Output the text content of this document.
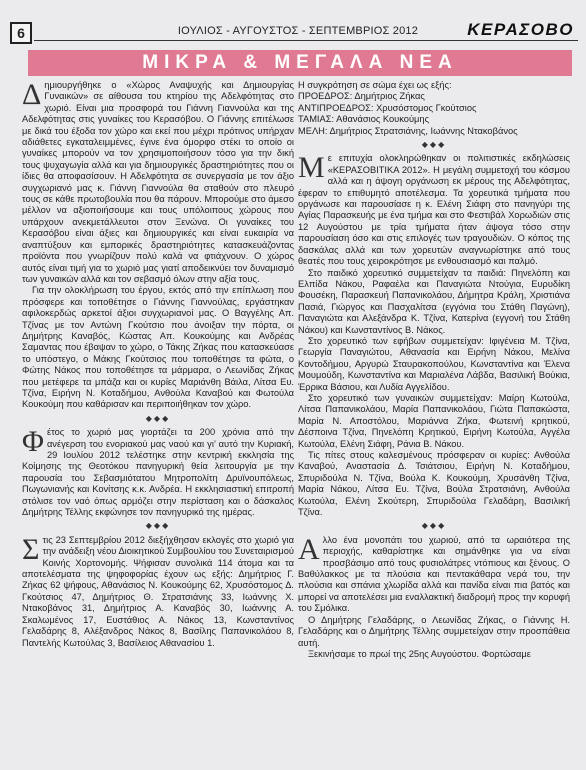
6	ΙΟΥΛΙΟΣ - ΑΥΓΟΥΣΤΟΣ - ΣΕΠΤΕΜΒΡΙΟΣ 2012	ΚΕΡΑΣΟΒΟ
ΜΙΚΡΑ & ΜΕΓΑΛΑ ΝΕΑ

Δημιουργήθηκε ο «Χώρος Αναψυχής και Δημιουργίας Γυναικών» σε αίθουσα του κτηρίου της Αδελφότητας στο χωριό. Είναι μια προσφορά του Γιάννη Γιαννούλα και της Αδελφότητας στις γυναίκες του Κερασόβου. Ο Γιάννης επιτέλωσε με δικά του έξοδα τον χώρο και εκεί που μέχρι πρότινος υπήρχαν αδιάθετες εγκαταλειμμένες, έγινε ένα όμορφο στέκι το οποίο οι γυναίκες μπορούν να τον χρησιμοποιήσουν τόσο για την δική τους ψυχαγωγία αλλά και για δημιουργικές δραστηριότητες που οι ίδιες θα αποφασίσουν. Η Αδελφότητα σε συνεργασία με τον άξιο συγχωριανό μας κ. Γιάννη Γιαννούλα θα σταθούν στο πλευρό τους σε κάθε πρωτοβουλία που θα πάρουν. Μπορούμε στο άμεσο μέλλον να αξιοποιήσουμε και τους υπόλοιπους χώρους που υπάρχουν ανεκμετάλλευτοι στον Ξενώνα. Οι γυναίκες του Κερασόβου είναι άξιες και δημιουργικές και είναι ευκαιρία να αναπτύξουν και εμπορικές δραστηριότητες κατασκευάζοντας προϊόντα που γνωρίζουν πολύ καλά να φτιάχνουν. Ο χώρος αυτός είναι τιμή για το χωριό μας γιατί αποδεικνύει τον δυναμισμό των γυναικών αλλά και τον σεβασμό όλων στην αξία τους.

Για την ολοκλήρωση του έργου, εκτός από την επίπλωση που πρόσφερε και τοποθέτησε ο Γιάννης Γιαννούλας, εργάστηκαν αφιλοκερδώς αρκετοί άξιοι συγχωριανοί μας. Ο Βαγγέλης Απ. Τζίνας με τον Αντώνη Γκούτσιο που άνοιξαν την πόρτα, οι Δημήτρης Καναβός, Κώστας Απ. Κουκούμης και Ανδρέας Σαμαντας που έβαψαν το χώρο, ο Τάκης Ζήκας που κατασκεύασε το υπόστεγο, ο Μάκης Γκούτσιος που τοποθέτησε τα φώτα, ο Φώτης Νάκος που τοποθέτησε τα μάρμαρα, ο Λεωνίδας Ζήκας που μετέφερε τα μπάζα και οι κυρίες Μαριάνθη Βάιλα, Λίτσα Ευ. Τζίνα, Ειρήνη Ν. Κοταδήμου, Ανθούλα Καναβού και Φωτούλα Κουκούμη που καθάρισαν και περιποιήθηκαν τον χώρο.

◆◆◆

Φέτος το χωριό μας γιορτάζει τα 200 χρόνια από την ανέγερση του ενοριακού μας ναού και γι’ αυτό την Κυριακή, 29 Ιουλίου 2012 τελέστηκε στην κεντρική εκκλησία της Κοίμησης της Θεοτόκου πανηγυρική θεία λειτουργία με την παρουσία του Σεβασμιότατου Μητροπολίτη Δρυϊνουπόλεως, Πωγωνιανής και Κονίτσης κ.κ. Ανδρέα. Η εκκλησιαστική επιτροπή στόλισε τον ναό όπως αρμόζει στην περίσταση και ο δάσκαλος Δημήτρης Τέλλης εκφώνησε τον πανηγυρικό της ημέρας.

◆◆◆

Στις 23 Σεπτεμβρίου 2012 διεξήχθησαν εκλογές στο χωριό για την ανάδειξη νέου Διοικητικού Συμβουλίου του Συνεταιρισμού Κοινής Χορτονομής. Ψήφισαν συνολικά 114 άτομα και τα αποτελέσματα της ψηφοφορίας έχουν ως εξής: Δημήτριος Γ. Ζήκας 62 ψήφους, Αθανάσιος Ν. Κουκούμης 62, Χρυσόστομος Δ. Γκούτσιος 47, Δημήτριος Θ. Στρατσιάνης 33, Ιωάννης Χ. Ντακοβάνος 31, Δημήτριος Α. Καναβός 30, Ιωάννης Α. Σκαλωμένος 17, Ευστάθιος Α. Νάκος 13, Κωνσταντίνος Γελαδάρης 8, Αλέξανδρος Νάκος 8, Βασίλης Παπανικολάου 8, Παντελής Κωτούλας 3, Βασίλειος Αθανασίου 1.

Η συγκρότηση σε σώμα έχει ως εξής:

ΠΡΟΕΔΡΟΣ: Δημήτριος Ζήκας

ΑΝΤΙΠΡΟΕΔΡΟΣ: Χρυσόστομος Γκούτσιος

ΤΑΜΙΑΣ: Αθανάσιος Κουκούμης

ΜΕΛΗ: Δημήτριος Στρατσιάνης, Ιωάννης Ντακοβάνος

◆◆◆

Με επιτυχία ολοκληρώθηκαν οι πολιτιστικές εκδηλώσεις «ΚΕΡΑΣΟΒΙΤΙΚΑ 2012». Η μεγάλη συμμετοχή του κόσμου αλλά και η άψογη οργάνωση εκ μέρους της Αδελφότητας, έφεραν το επιθυμητό αποτέλεσμα. Τα χορευτικά τμήματα που οργάνωσε και παρουσίασε η κ. Ελένη Σιάφη στο πανηγύρι της Αγίας Παρασκευής με ένα τμήμα και στο Φεστιβάλ Χορωδιών στις 12 Αυγούστου με τρία τμήματα ήταν άψογα τόσο στην παρουσίαση όσο και στις επιλογές των τραγουδιών. Ο κόπος της δασκάλας αλλά και των χορευτών αναγνωρίστηκε από τους θεατές που τους χειροκρότησε με ενθουσιασμό και παλμό.

Στο παιδικό χορευτικό συμμετείχαν τα παιδιά: Πηνελόπη και Ελπίδα Νάκου, Ραφαέλα και Παναγιώτα Ντούγια, Ευρυδίκη Φουσέκη, Παρασκευή Παπανικολάου, Δήμητρα Κράλη, Χριστιάνα Πασιά, Γιώργος και Πασχαλίτσα (εγγόνια του Στάθη Παγώνη), Παναγιώτα και Αλεξάνδρα Κ. Τζίνα, Κατερίνα (εγγονή του Στάθη Νάκου) και Κωνσταντίνος Β. Νάκος.

Στο χορευτικό των εφήβων συμμετείχαν: Ιφιγένεια Μ. Τζίνα, Γεωργία Παναγιώτου, Αθανασία και Ειρήνη Νάκου, Μελίνα Κοντοδήμου, Αργυρώ Σταυρακοπούλου, Κωνσταντίνα και Έλενα Μουμούδη, Κωνσταντίνα και Μαριαλένα Λάβδα, Βασιλική Βούκια, Έρρικα Βάσιου, και Λυδία Αγγελίδου.

Στο χορευτικό των γυναικών συμμετείχαν: Μαίρη Κωτούλα, Λίτσα Παπανικολάου, Μαρία Παπανικολάου, Γιώτα Παπακώστα, Μαρία Ν. Αποστόλου, Μαριάννα Ζήκα, Φωτεινή κρητικού, Δέσποινα Τζίνα, Πηνελόπη Κρητικού, Ειρήνη Κωτούλα, Αγγέλα Κωτούλα, Ελένη Σιάφη, Ράνια Β. Νάκου.

Τις πίτες στους καλεσμένους πρόσφεραν οι κυρίες: Ανθούλα Καναβού, Αναστασία Δ. Τσιάτσιου, Ειρήνη Ν. Κοταδήμου, Σπυριδούλα Ν. Τζίνα, Βούλα Κ. Κουκούμη, Χρυσάνθη Τζίνα, Μαρία Νάκου, Λίτσα Ευ. Τζίνα, Βούλα Στρατσιάνη, Ανθούλα Κωτούλα, Ελένη Σκούτερη, Σπυριδούλα Γελαδάρη, Βασιλική Τζίνα.

◆◆◆

Αλλο ένα μονοπάτι του χωριού, από τα ωραιότερα της περιοχής, καθαρίστηκε και σημάνθηκε για να είναι προσβάσιμο από τους φυσιολάτρες ντόπιους και ξένους. Ο Βαθύλακκος με τα πλούσια και πεντακάθαρα νερά του, την πλούσια και σπάνια χλωρίδα αλλά και πανίδα είναι πια βατός και μπορεί να αποτελέσει μια εναλλακτική διαδρομή προς την κορυφή του Σμόλικα.

Ο Δημήτρης Γελαδάρης, ο Λεωνίδας Ζήκας, ο Γιάννης Η. Γελαδάρης και ο Δημήτρης Τέλλης συμμετείχαν στην προσπάθεια αυτή.

Ξεκινήσαμε το πρωί της 25ης Αυγούστου. Φορτώσαμε
